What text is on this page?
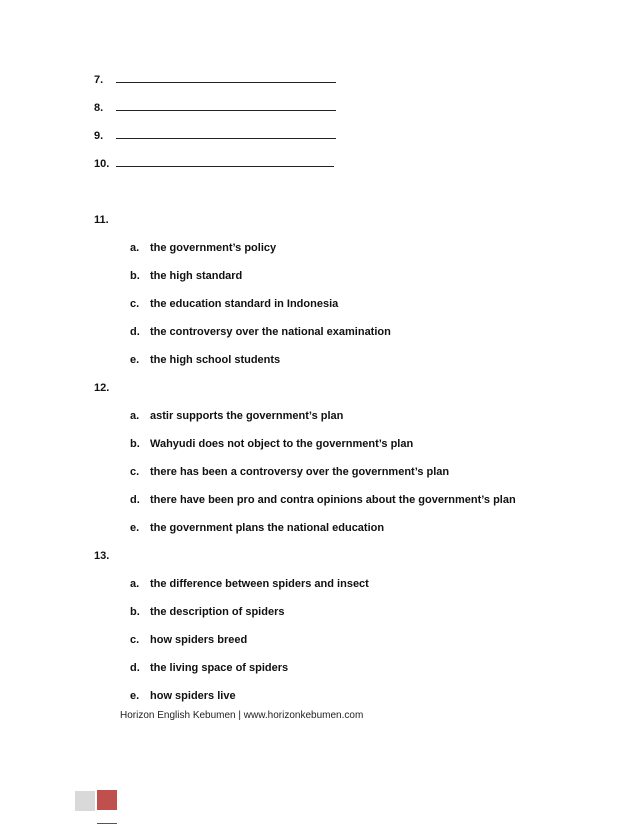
7.
8.
9.
10.
11.
a. the government’s policy
b. the high standard
c. the education standard in Indonesia
d. the controversy over the national examination
e. the high school students
12.
a. astir supports the government’s plan
b. Wahyudi does not object to the government’s plan
c. there has been a controversy over the government’s plan
d. there have been pro and contra opinions about the government’s plan
e. the government plans the national education
13.
a. the difference between spiders and insect
b. the description of spiders
c. how spiders breed
d. the living space of spiders
e. how spiders live
Horizon English Kebumen | www.horizonkebumen.com
